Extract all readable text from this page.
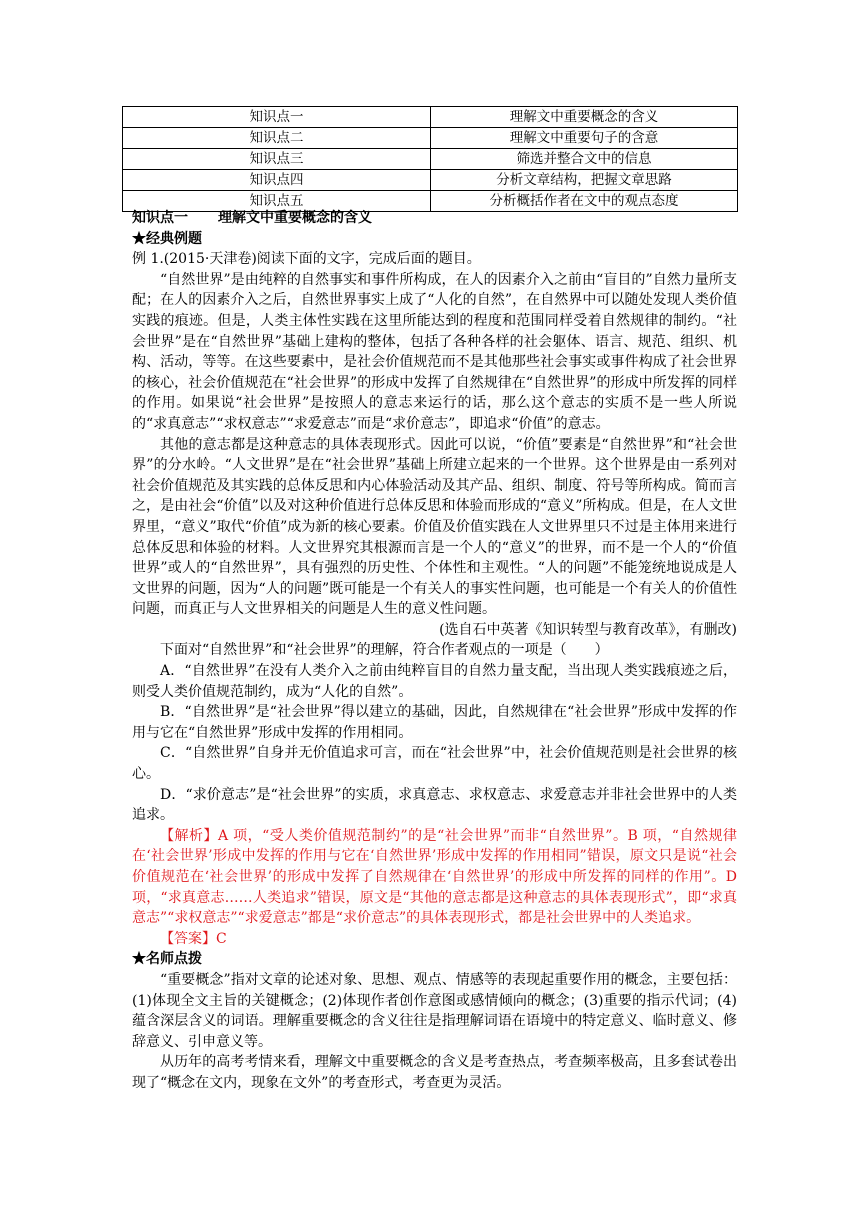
知识点一	理解文中重要概念的含义
知识点二	理解文中重要句子的含意
知识点三	筛选并整合文中的信息
知识点四	分析文章结构，把握文章思路
知识点五	分析概括作者在文中的观点态度

知识点一 理解文中重要概念的含义

★经典例题

例 1.(2015·天津卷)阅读下面的文字，完成后面的题目。

“自然世界”是由纯粹的自然事实和事件所构成，在人的因素介入之前由“盲目的”自然力量所支配；在人的因素介入之后，自然世界事实上成了“人化的自然”，在自然界中可以随处发现人类价值实践的痕迹。但是，人类主体性实践在这里所能达到的程度和范围同样受着自然规律的制约。“社会世界”是在“自然世界”基础上建构的整体，包括了各种各样的社会躯体、语言、规范、组织、机构、活动，等等。在这些要素中，是社会价值规范而不是其他那些社会事实或事件构成了社会世界的核心，社会价值规范在“社会世界”的形成中发挥了自然规律在“自然世界”的形成中所发挥的同样的作用。如果说“社会世界”是按照人的意志来运行的话，那么这个意志的实质不是一些人所说的“求真意志”“求权意志”“求爱意志”而是“求价意志”，即追求“价值”的意志。

其他的意志都是这种意志的具体表现形式。因此可以说，“价值”要素是“自然世界”和“社会世界”的分水岭。“人文世界”是在“社会世界”基础上所建立起来的一个世界。这个世界是由一系列对社会价值规范及其实践的总体反思和内心体验活动及其产品、组织、制度、符号等所构成。简而言之，是由社会“价值”以及对这种价值进行总体反思和体验而形成的“意义”所构成。但是，在人文世界里，“意义”取代“价值”成为新的核心要素。价值及价值实践在人文世界里只不过是主体用来进行总体反思和体验的材料。人文世界究其根源而言是一个人的“意义”的世界，而不是一个人的“价值世界”或人的“自然世界”，具有强烈的历史性、个体性和主观性。“人的问题”不能笼统地说成是人文世界的问题，因为“人的问题”既可能是一个有关人的事实性问题，也可能是一个有关人的价值性问题，而真正与人文世界相关的问题是人生的意义性问题。

(选自石中英著《知识转型与教育改革》，有删改)

下面对“自然世界”和“社会世界”的理解，符合作者观点的一项是（　　）

A．“自然世界”在没有人类介入之前由纯粹盲目的自然力量支配，当出现人类实践痕迹之后，则受人类价值规范制约，成为“人化的自然”。

B．“自然世界”是“社会世界”得以建立的基础，因此，自然规律在“社会世界”形成中发挥的作用与它在“自然世界”形成中发挥的作用相同。

C．“自然世界”自身并无价值追求可言，而在“社会世界”中，社会价值规范则是社会世界的核心。

D．“求价意志”是“社会世界”的实质，求真意志、求权意志、求爱意志并非社会世界中的人类追求。

【解析】A 项，“受人类价值规范制约”的是“社会世界”而非“自然世界”。B 项，“自然规律在‘社会世界’形成中发挥的作用与它在‘自然世界’形成中发挥的作用相同”错误，原文只是说“社会价值规范在‘社会世界’的形成中发挥了自然规律在‘自然世界’的形成中所发挥的同样的作用”。D 项，“求真意志……人类追求”错误，原文是“其他的意志都是这种意志的具体表现形式”，即“求真意志”“求权意志”“求爱意志”都是“求价意志”的具体表现形式，都是社会世界中的人类追求。

【答案】C

★名师点拨

“重要概念”指对文章的论述对象、思想、观点、情感等的表现起重要作用的概念，主要包括：(1)体现全文主旨的关键概念；(2)体现作者创作意图或感情倾向的概念；(3)重要的指示代词；(4)蕴含深层含义的词语。理解重要概念的含义往往是指理解词语在语境中的特定意义、临时意义、修辞意义、引申意义等。

从历年的高考考情来看，理解文中重要概念的含义是考查热点，考查频率极高，且多套试卷出现了“概念在文内，现象在文外”的考查形式，考查更为灵活。
